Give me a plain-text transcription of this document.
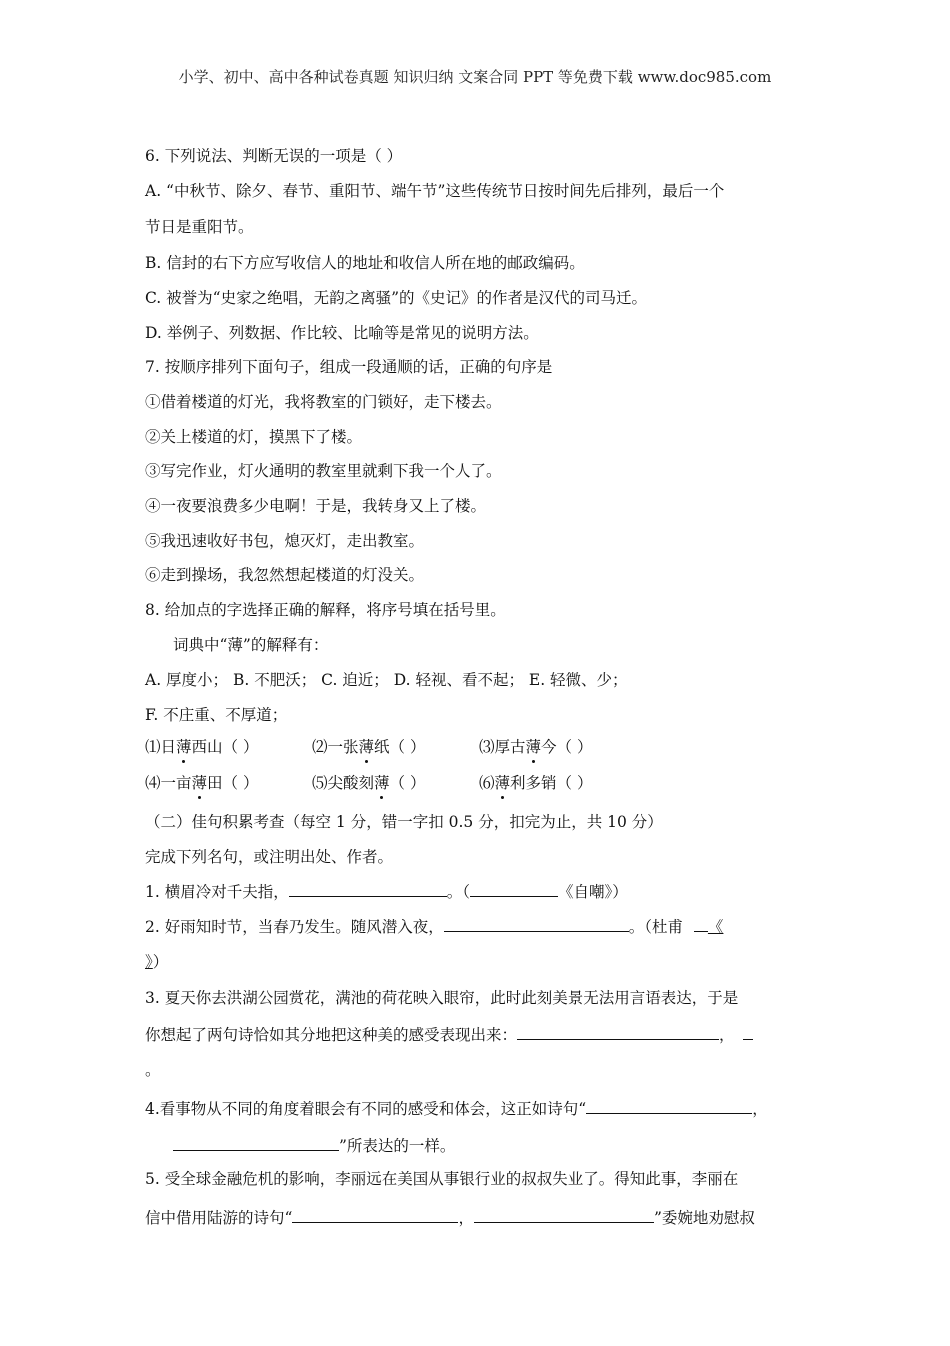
小学、初中、高中各种试卷真题 知识归纳 文案合同 PPT 等免费下载 www.doc985.com
6. 下列说法、判断无误的一项是（ ）
A. “中秋节、除夕、春节、重阳节、端午节”这些传统节日按时间先后排列，最后一个
节日是重阳节。
B. 信封的右下方应写收信人的地址和收信人所在地的邮政编码。
C. 被誉为“史家之绝唱，无韵之离骚”的《史记》的作者是汉代的司马迁。
D. 举例子、列数据、作比较、比喻等是常见的说明方法。
7. 按顺序排列下面句子，组成一段通顺的话，正确的句序是
①借着楼道的灯光，我将教室的门锁好，走下楼去。
②关上楼道的灯，摸黑下了楼。
③写完作业，灯火通明的教室里就剩下我一个人了。
④一夜要浪费多少电啊！于是，我转身又上了楼。
⑤我迅速收好书包，熄灭灯，走出教室。
⑥走到操场，我忽然想起楼道的灯没关。
8. 给加点的字选择正确的解释，将序号填在括号里。
词典中“薄”的解释有：
A. 厚度小； B. 不肥沃； C. 迫近； D. 轻视、看不起； E. 轻微、少；
F. 不庄重、不厚道；
⑴日薄西山（ ）	⑵一张薄纸（ ）	⑶厚古薄今（ ）
⑷一亩薄田（ ）	⑸尖酸刻薄（ ）	⑹薄利多销（ ）
（二）佳句积累考查（每空 1 分，错一字扣 0.5 分，扣完为止，共 10 分）
完成下列名句，或注明出处、作者。
1. 横眉冷对千夫指，	。（	《自嘲》）
2. 好雨知时节，当春乃发生。随风潜入夜，	。（杜甫 《
》）
3. 夏天你去洪湖公园赏花，满池的荷花映入眼帘，此时此刻美景无法用言语表达，于是
你想起了两句诗恰如其分地把这种美的感受表现出来：	，
。
4.看事物从不同的角度着眼会有不同的感受和体会，这正如诗句“	，
”所表达的一样。
5. 受全球金融危机的影响，李丽远在美国从事银行业的叔叔失业了。得知此事，李丽在
信中借用陆游的诗句“	，	”委婉地劝慰叔
